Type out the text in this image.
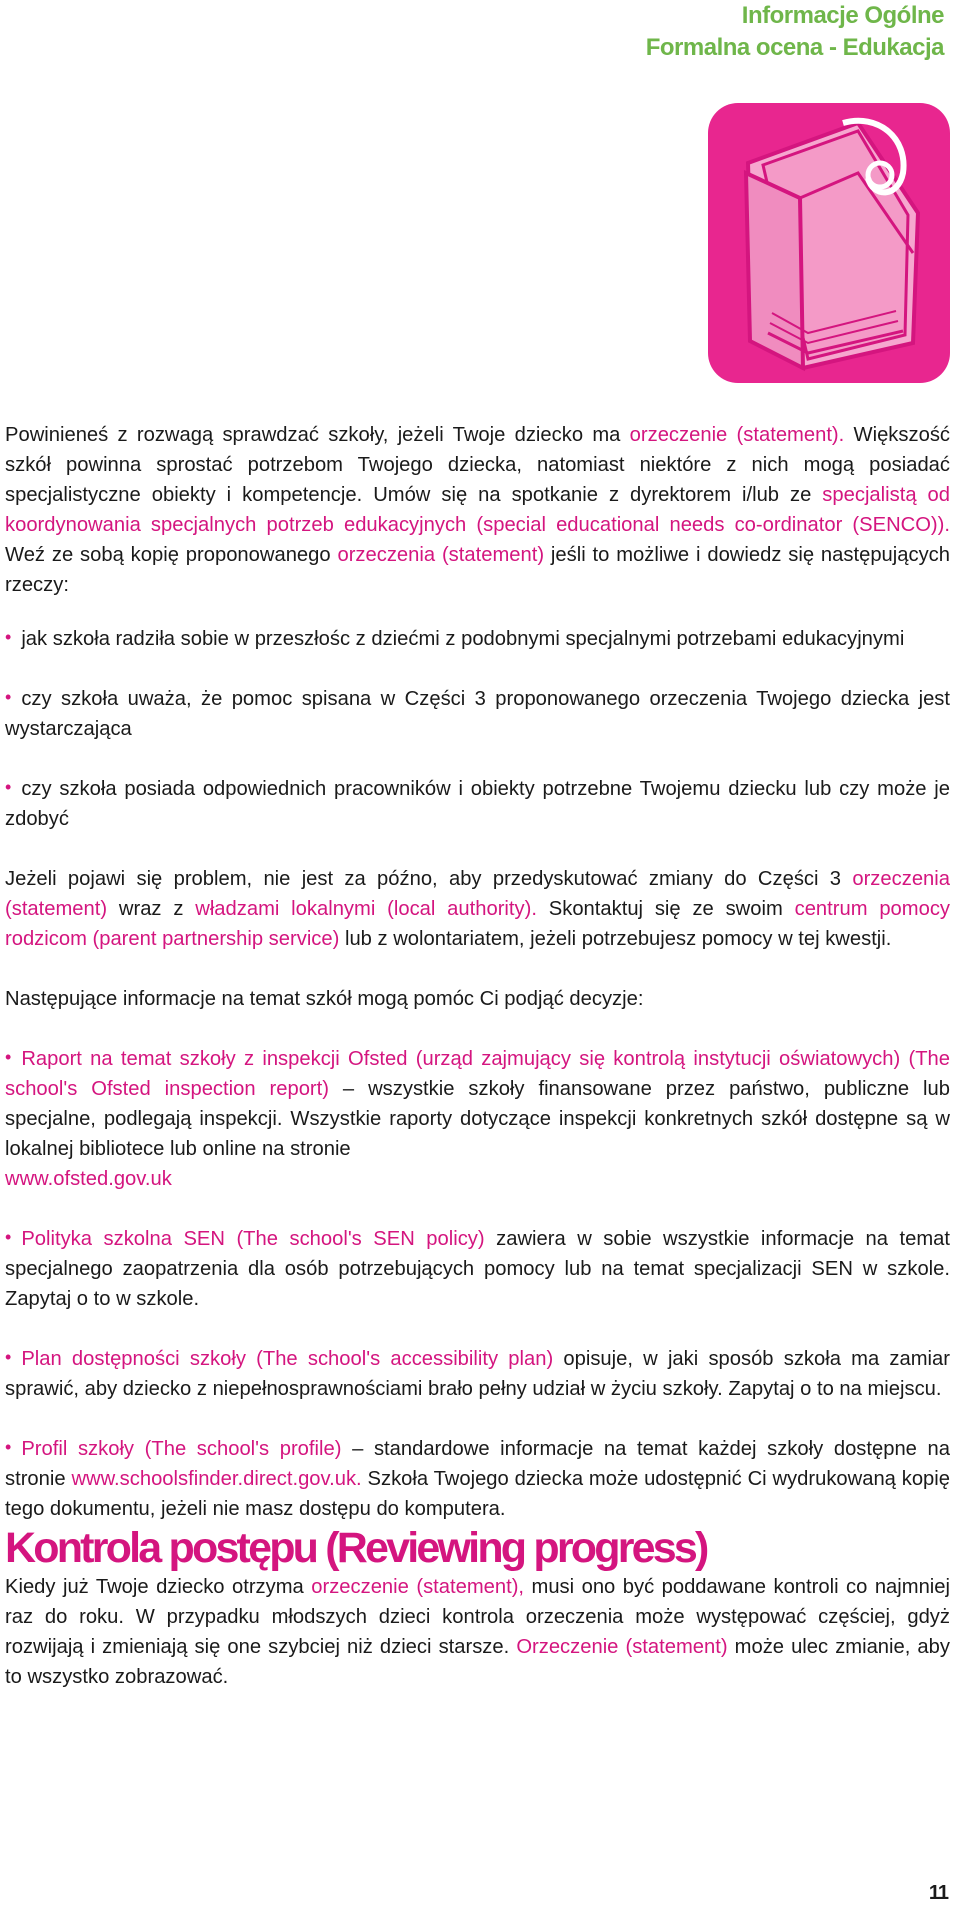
Informacje Ogólne
Formalna ocena - Edukacja

Powinieneś z rozwagą sprawdzać szkoły, jeżeli Twoje dziecko ma orzeczenie (statement). Większość szkół powinna sprostać potrzebom Twojego dziecka, natomiast niektóre z nich mogą posiadać specjalistyczne obiekty i kompetencje. Umów się na spotkanie z dyrektorem i/lub ze specjalistą od koordynowania specjalnych potrzeb edukacyjnych (special educational needs co-ordinator (SENCO)). Weź ze sobą kopię proponowanego orzeczenia (statement) jeśli to możliwe i dowiedz się następujących rzeczy:

• jak szkoła radziła sobie w przeszłośc z dziećmi z podobnymi specjalnymi potrzebami edukacyjnymi

• czy szkoła uważa, że pomoc spisana w Części 3 proponowanego orzeczenia Twojego dziecka jest wystarczająca

• czy szkoła posiada odpowiednich pracowników i obiekty potrzebne Twojemu dziecku lub czy może je zdobyć

Jeżeli pojawi się problem, nie jest za późno, aby przedyskutować zmiany do Części 3 orzeczenia (statement) wraz z władzami lokalnymi (local authority). Skontaktuj się ze swoim centrum pomocy rodzicom (parent partnership service) lub z wolontariatem, jeżeli potrzebujesz pomocy w tej kwestji.

Następujące informacje na temat szkół mogą pomóc Ci podjąć decyzje:

• Raport na temat szkoły z inspekcji Ofsted (urząd zajmujący się kontrolą instytucji oświatowych) (The school's Ofsted inspection report) – wszystkie szkoły finansowane przez państwo, publiczne lub specjalne, podlegają inspekcji. Wszystkie raporty dotyczące inspekcji konkretnych szkół dostępne są w lokalnej bibliotece lub online na stronie
www.ofsted.gov.uk

• Polityka szkolna SEN (The school's SEN policy) zawiera w sobie wszystkie informacje na temat specjalnego zaopatrzenia dla osób potrzebujących pomocy lub na temat specjalizacji SEN w szkole. Zapytaj o to w szkole.

• Plan dostępności szkoły (The school's accessibility plan) opisuje, w jaki sposób szkoła ma zamiar sprawić, aby dziecko z niepełnosprawnościami brało pełny udział w życiu szkoły. Zapytaj o to na miejscu.

• Profil szkoły (The school's profile) – standardowe informacje na temat każdej szkoły dostępne na stronie www.schoolsfinder.direct.gov.uk. Szkoła Twojego dziecka może udostępnić Ci wydrukowaną kopię tego dokumentu, jeżeli nie masz dostępu do komputera.

Kontrola postępu (Reviewing progress)

Kiedy już Twoje dziecko otrzyma orzeczenie (statement), musi ono być poddawane kontroli co najmniej raz do roku. W przypadku młodszych dzieci kontrola orzeczenia może występować częściej, gdyż rozwijają i zmieniają się one szybciej niż dzieci starsze. Orzeczenie (statement) może ulec zmianie, aby to wszystko zobrazować.

11
